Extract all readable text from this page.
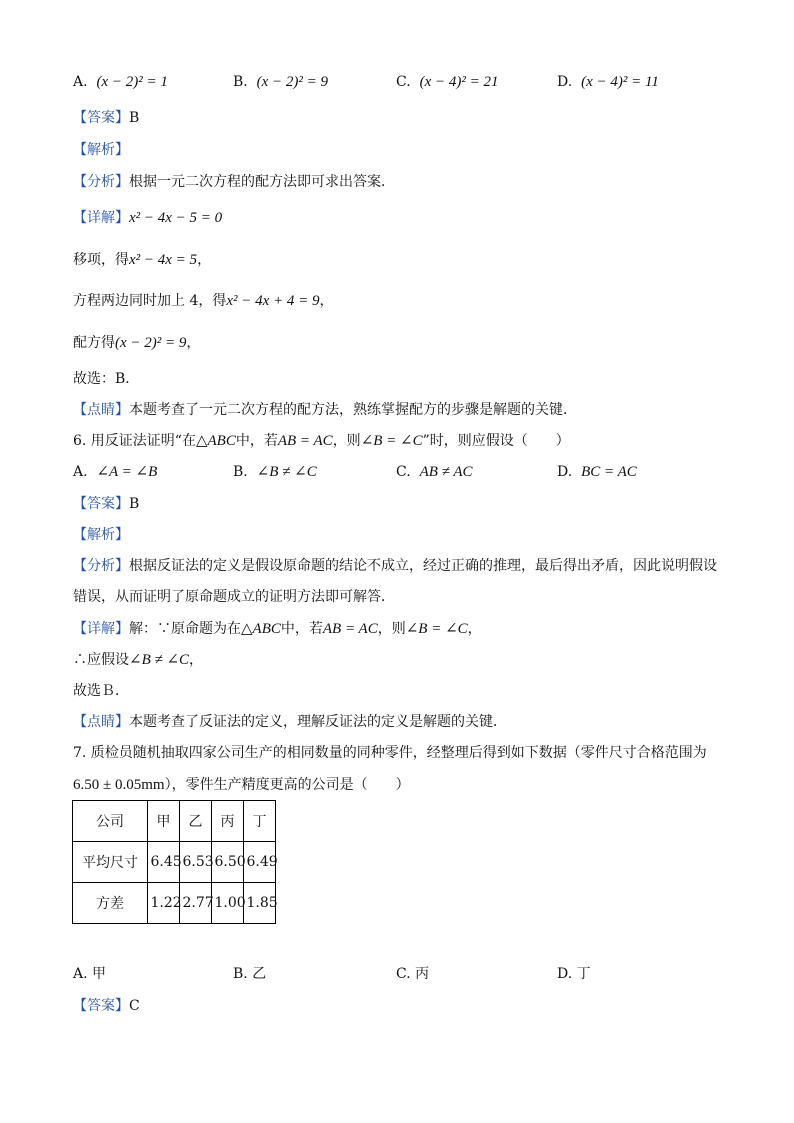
A. (x − 2)² = 1	B. (x − 2)² = 9	C. (x − 4)² = 21	D. (x − 4)² = 11
【答案】B
【解析】
【分析】根据一元二次方程的配方法即可求出答案．
【详解】x² − 4x − 5 = 0
移项，得x² − 4x = 5，
方程两边同时加上 4，得x² − 4x + 4 = 9，
配方得(x − 2)² = 9，
故选：B．
【点睛】本题考查了一元二次方程的配方法，熟练掌握配方的步骤是解题的关键．
6. 用反证法证明“在△ABC中，若AB = AC，则∠B = ∠C”时，则应假设（　　）
A. ∠A = ∠B	B. ∠B ≠ ∠C	C. AB ≠ AC	D. BC = AC
【答案】B
【解析】
【分析】根据反证法的定义是假设原命题的结论不成立，经过正确的推理，最后得出矛盾，因此说明假设
错误，从而证明了原命题成立的证明方法即可解答．
【详解】解：∵原命题为在△ABC中，若AB = AC，则∠B = ∠C，
∴应假设∠B ≠ ∠C，
故选Ｂ．
【点睛】本题考查了反证法的定义，理解反证法的定义是解题的关键．
7. 质检员随机抽取四家公司生产的相同数量的同种零件，经整理后得到如下数据（零件尺寸合格范围为
6.50 ± 0.05mm），零件生产精度更高的公司是（　　）
公司	甲	乙	丙	丁
平均尺寸	6.45	6.53	6.50	6.49
方差	1.22	2.77	1.00	1.85
A. 甲	B. 乙	C. 丙	D. 丁
【答案】C
